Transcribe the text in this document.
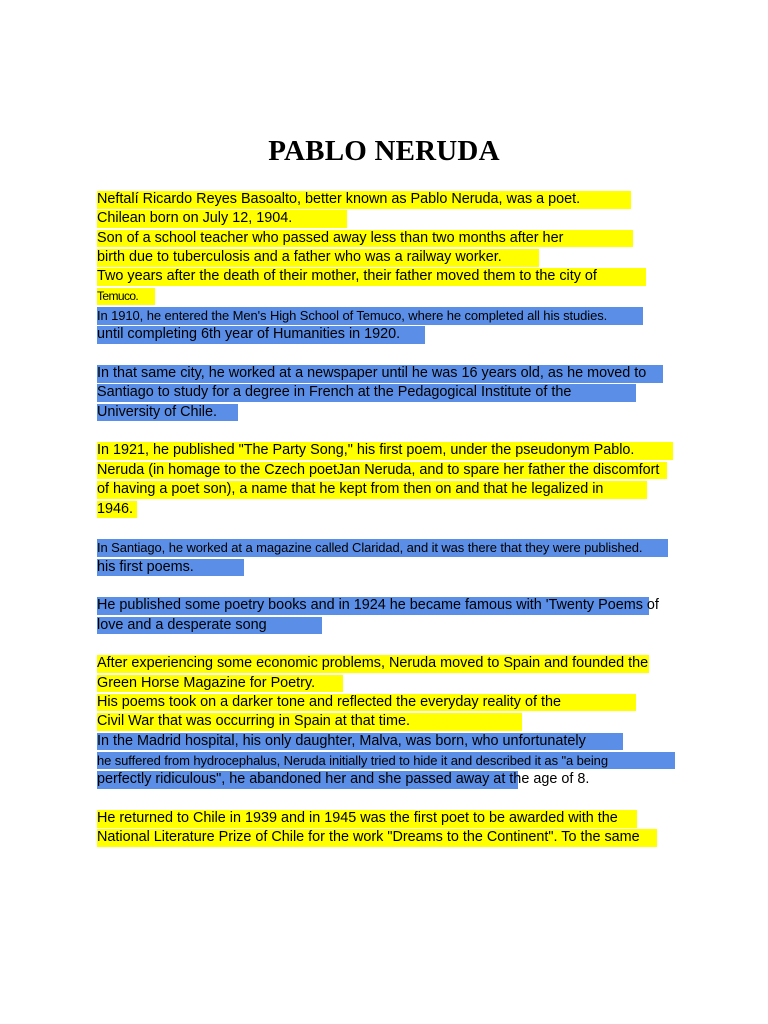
PABLO NERUDA
Neftalí Ricardo Reyes Basoalto, better known as Pablo Neruda, was a poet.
Chilean born on July 12, 1904.
Son of a school teacher who passed away less than two months after her
birth due to tuberculosis and a father who was a railway worker.
Two years after the death of their mother, their father moved them to the city of
Temuco.
In 1910, he entered the Men's High School of Temuco, where he completed all his studies.
until completing 6th year of Humanities in 1920.
In that same city, he worked at a newspaper until he was 16 years old, as he moved to
Santiago to study for a degree in French at the Pedagogical Institute of the
University of Chile.
In 1921, he published "The Party Song," his first poem, under the pseudonym Pablo.
Neruda (in homage to the Czech poetJan Neruda, and to spare her father the discomfort
of having a poet son), a name that he kept from then on and that he legalized in
1946.
In Santiago, he worked at a magazine called Claridad, and it was there that they were published.
his first poems.
He published some poetry books and in 1924 he became famous with 'Twenty Poems of
love and a desperate song
After experiencing some economic problems, Neruda moved to Spain and founded the
Green Horse Magazine for Poetry.
His poems took on a darker tone and reflected the everyday reality of the
Civil War that was occurring in Spain at that time.
In the Madrid hospital, his only daughter, Malva, was born, who unfortunately
he suffered from hydrocephalus, Neruda initially tried to hide it and described it as "a being
perfectly ridiculous", he abandoned her and she passed away at the age of 8.
He returned to Chile in 1939 and in 1945 was the first poet to be awarded with the
National Literature Prize of Chile for the work "Dreams to the Continent". To the same
